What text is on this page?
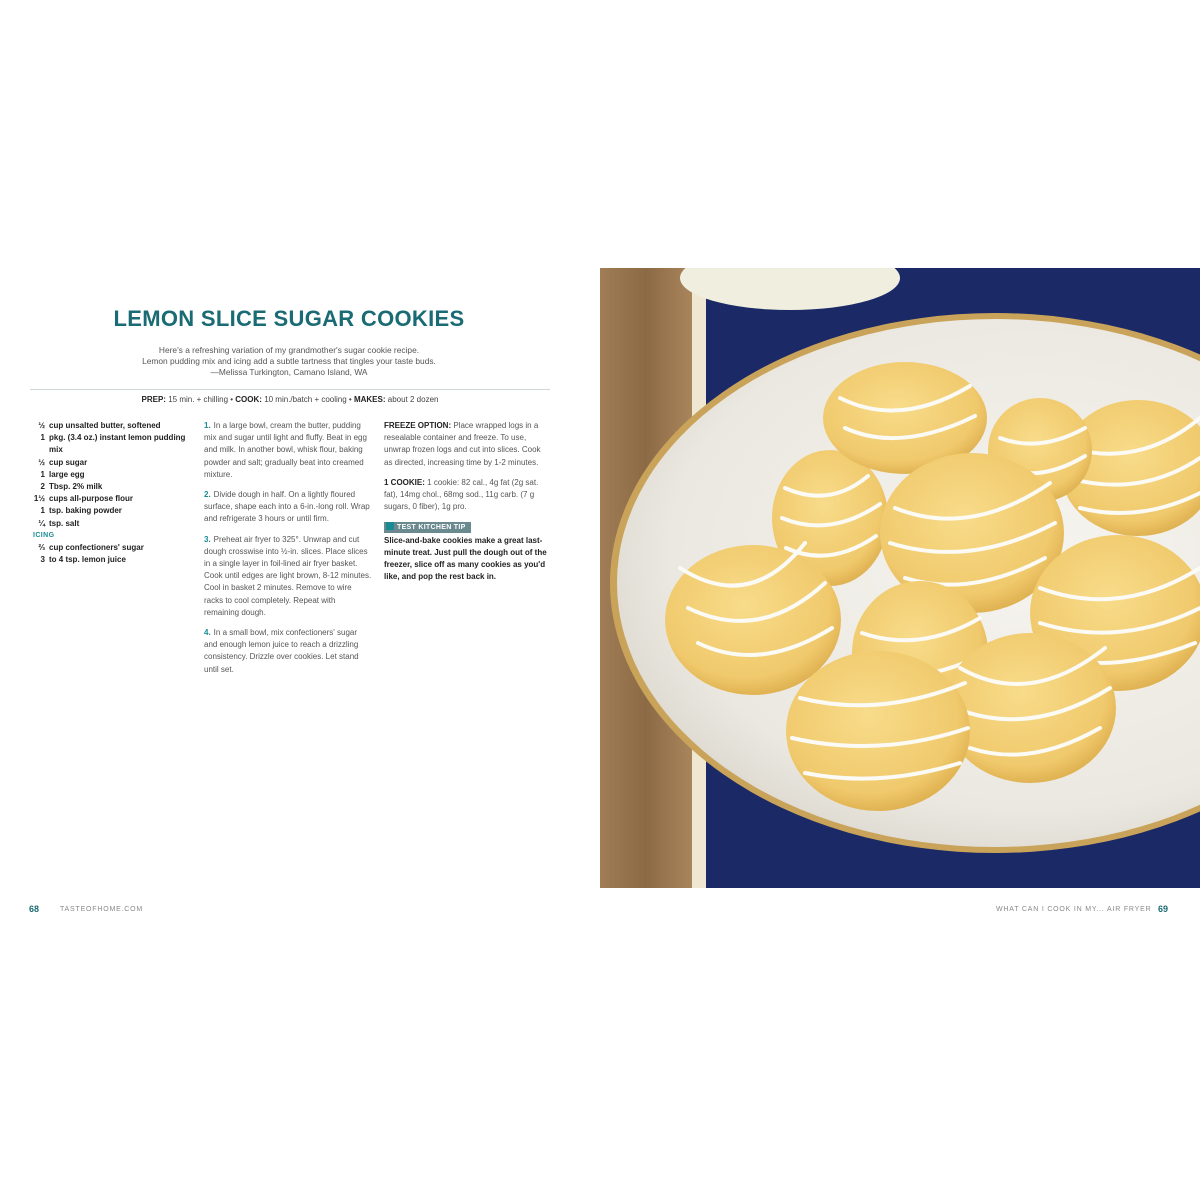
LEMON SLICE SUGAR COOKIES
Here's a refreshing variation of my grandmother's sugar cookie recipe.
Lemon pudding mix and icing add a subtle tartness that tingles your taste buds.
—Melissa Turkington, Camano Island, WA
PREP: 15 min. + chilling • COOK: 10 min./batch + cooling • MAKES: about 2 dozen
½ cup unsalted butter, softened
1 pkg. (3.4 oz.) instant lemon pudding mix
½ cup sugar
1 large egg
2 Tbsp. 2% milk
1½ cups all-purpose flour
1 tsp. baking powder
¼ tsp. salt
ICING
⅔ cup confectioners' sugar
3 to 4 tsp. lemon juice
1. In a large bowl, cream the butter, pudding mix and sugar until light and fluffy. Beat in egg and milk. In another bowl, whisk flour, baking powder and salt; gradually beat into creamed mixture.
2. Divide dough in half. On a lightly floured surface, shape each into a 6-in.-long roll. Wrap and refrigerate 3 hours or until firm.
3. Preheat air fryer to 325°. Unwrap and cut dough crosswise into ½-in. slices. Place slices in a single layer in foil-lined air fryer basket. Cook until edges are light brown, 8-12 minutes. Cool in basket 2 minutes. Remove to wire racks to cool completely. Repeat with remaining dough.
4. In a small bowl, mix confectioners' sugar and enough lemon juice to reach a drizzling consistency. Drizzle over cookies. Let stand until set.
FREEZE OPTION: Place wrapped logs in a resealable container and freeze. To use, unwrap frozen logs and cut into slices. Cook as directed, increasing time by 1-2 minutes.
1 COOKIE: 1 cookie: 82 cal., 4g fat (2g sat. fat), 14mg chol., 68mg sod., 11g carb. (7 g sugars, 0 fiber), 1g pro.
TEST KITCHEN TIP
Slice-and-bake cookies make a great last-minute treat. Just pull the dough out of the freezer, slice off as many cookies as you'd like, and pop the rest back in.
68	TASTEOFHOME.COM	WHAT CAN I COOK IN MY... AIR FRYER 69
